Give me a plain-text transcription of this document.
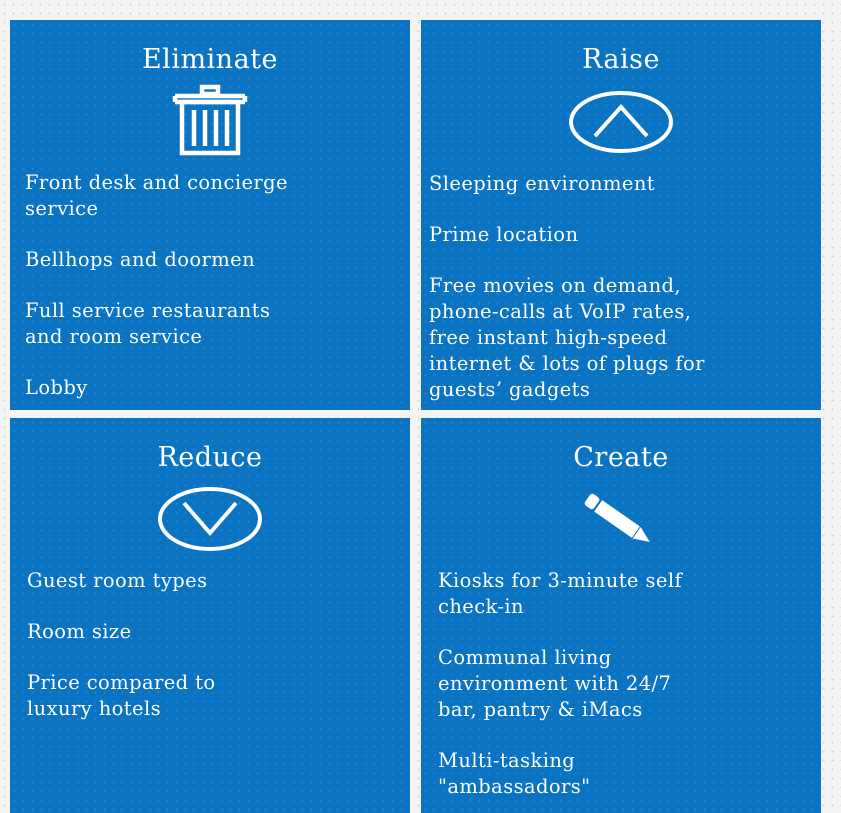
Eliminate
Front desk and concierge
service
Bellhops and doormen
Full service restaurants
and room service
Lobby
Raise
Sleeping environment
Prime location
Free movies on demand,
phone-calls at VoIP rates,
free instant high-speed
internet & lots of plugs for
guests’ gadgets
Reduce
Guest room types
Room size
Price compared to
luxury hotels
Create
Kiosks for 3-minute self
check-in
Communal living
environment with 24/7
bar, pantry & iMacs
Multi-tasking
"ambassadors"
